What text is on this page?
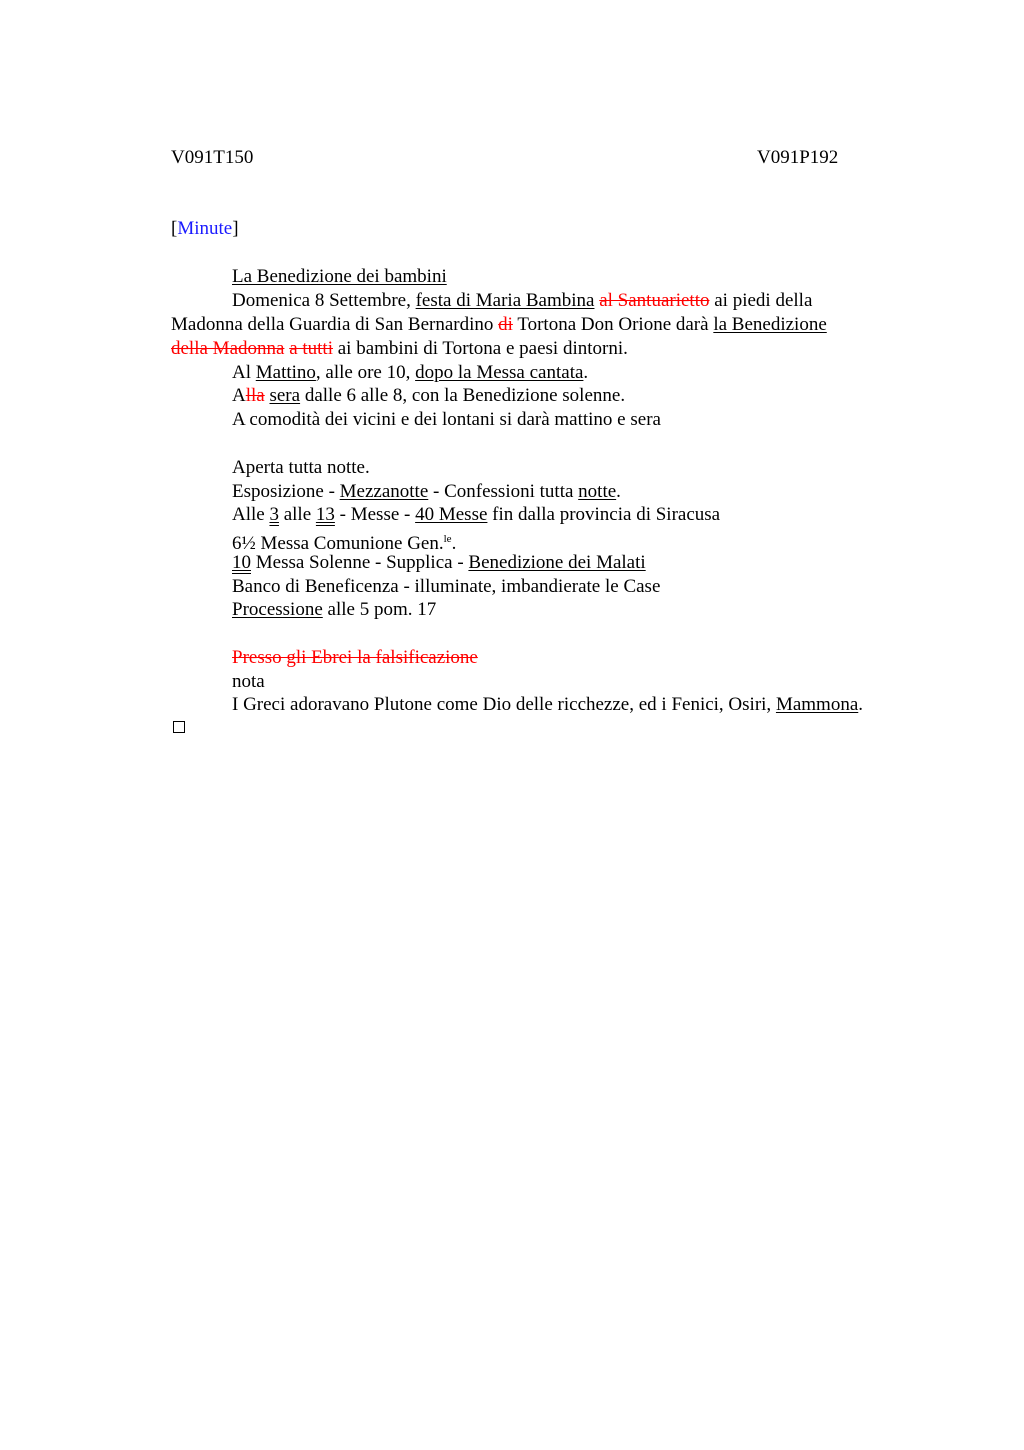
V091T150	V091P192
[Minute]
La Benedizione dei bambini
Domenica 8 Settembre, festa di Maria Bambina al Santuarietto ai piedi della
Madonna della Guardia di San Bernardino di Tortona Don Orione darà la Benedizione
della Madonna a tutti ai bambini di Tortona e paesi dintorni.
Al Mattino, alle ore 10, dopo la Messa cantata.
Alla sera dalle 6 alle 8, con la Benedizione solenne.
A comodità dei vicini e dei lontani si darà mattino e sera
Aperta tutta notte.
Esposizione - Mezzanotte - Confessioni tutta notte.
Alle 3 alle 13 - Messe - 40 Messe fin dalla provincia di Siracusa
6½ Messa Comunione Gen.$^{le}$.
10 Messa Solenne - Supplica - Benedizione dei Malati
Banco di Beneficenza - illuminate, imbandierate le Case
Processione alle 5 pom. 17
Presso gli Ebrei la falsificazione
nota
I Greci adoravano Plutone come Dio delle ricchezze, ed i Fenici, Osiri, Mammona.
